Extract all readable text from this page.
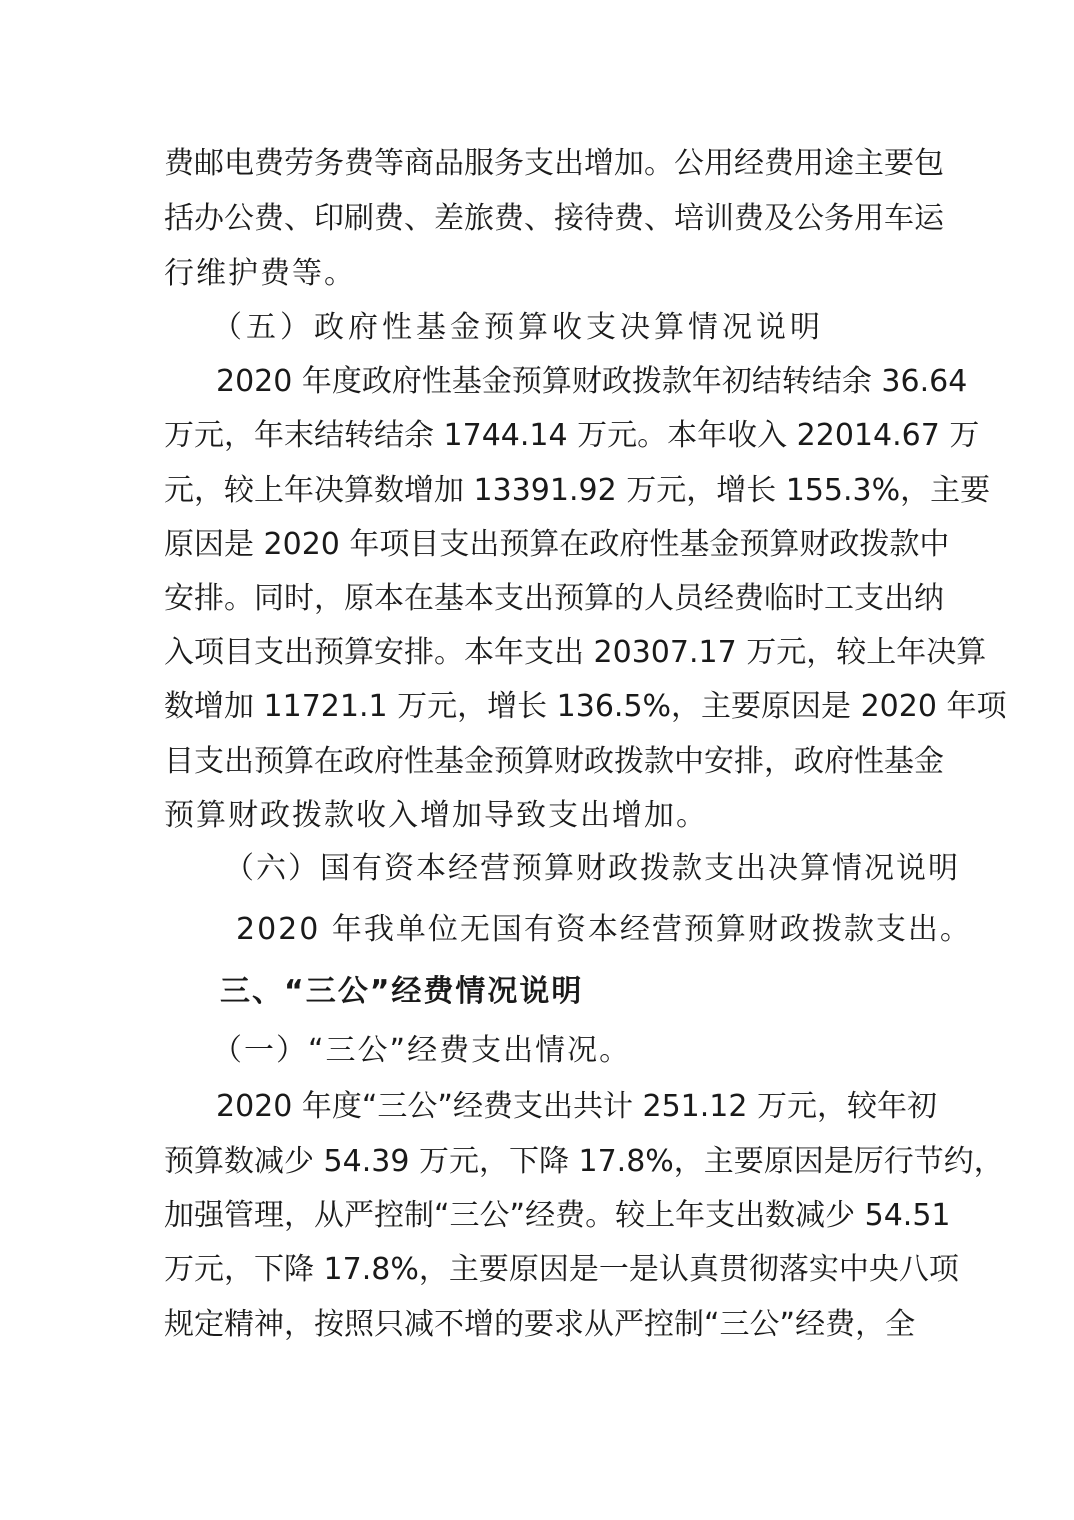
费邮电费劳务费等商品服务支出增加。公用经费用途主要包
括办公费、印刷费、差旅费、接待费、培训费及公务用车运
行维护费等。
（五）政府性基金预算收支决算情况说明
2020 年度政府性基金预算财政拨款年初结转结余 36.64
万元，年末结转结余 1744.14 万元。本年收入 22014.67 万
元，较上年决算数增加 13391.92 万元，增长 155.3%，主要
原因是 2020 年项目支出预算在政府性基金预算财政拨款中
安排。同时，原本在基本支出预算的人员经费临时工支出纳
入项目支出预算安排。本年支出 20307.17 万元，较上年决算
数增加 11721.1 万元，增长 136.5%，主要原因是 2020 年项
目支出预算在政府性基金预算财政拨款中安排，政府性基金
预算财政拨款收入增加导致支出增加。
（六）国有资本经营预算财政拨款支出决算情况说明
2020 年我单位无国有资本经营预算财政拨款支出。
三、“三公”经费情况说明
（一）“三公”经费支出情况。
2020 年度“三公”经费支出共计 251.12 万元，较年初
预算数减少 54.39 万元，下降 17.8%，主要原因是厉行节约，
加强管理，从严控制“三公”经费。较上年支出数减少 54.51
万元，下降 17.8%，主要原因是一是认真贯彻落实中央八项
规定精神，按照只减不增的要求从严控制“三公”经费，全
